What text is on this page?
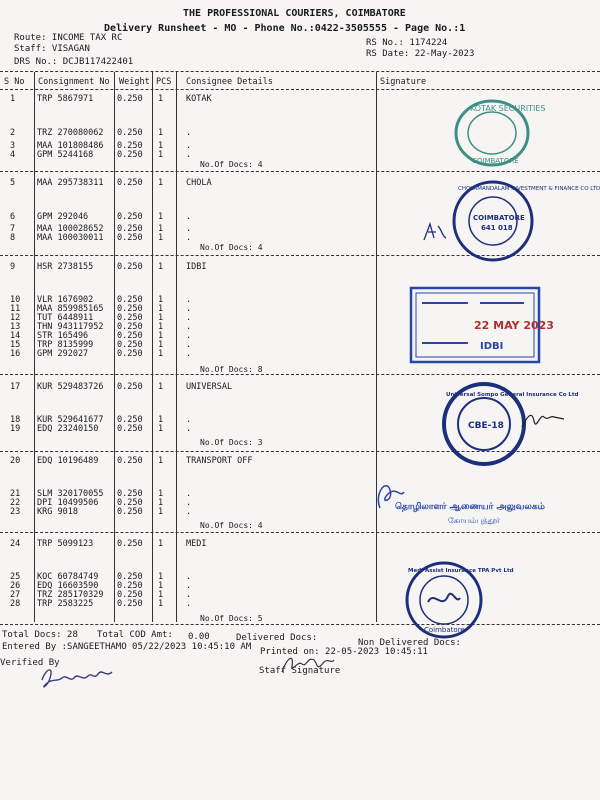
THE PROFESSIONAL COURIERS, COIMBATORE
Delivery Runsheet - MO - Phone No.:0422-3505555 - Page No.:1
Route: INCOME TAX RC
Staff: VISAGAN
DRS No.: DCJB117422401
RS No.: 1174224
RS Date: 22-May-2023
S No Consignment No Weight PCS Consignee Details	Signature
1	TRP 5867971	0.250 1	KOTAK
2	TRZ 270080062 0.250 1	.
3	MAA 101808486 0.250 1	.
4	GPM 5244168	0.250 1	.
No.Of Docs: 4
5	MAA 295738311 0.250 1	CHOLA
6	GPM 292046	0.250 1	.
7	MAA 100028652 0.250 1	.
8	MAA 100030011 0.250 1	.
No.Of Docs: 4
9	HSR 2738155	0.250 1	IDBI
10 VLR 1676902	0.250 1	.
11 MAA 859985165 0.250 1	.
12 TUT 6448911	0.250 1	.
13 THN 943117952 0.250 1	.
14 STR 165496	0.250 1	.
15 TRP 8135999	0.250 1	.
16 GPM 292027	0.250 1	.
No.Of Docs: 8
17 KUR 529483726 0.250 1	UNIVERSAL
18 KUR 529641677 0.250 1	.
19 EDQ 23240150 0.250 1	.
No.Of Docs: 3
20 EDQ 10196489 0.250 1	TRANSPORT OFF
21 SLM 320170055 0.250 1	.
22 DPI 10499506 0.250 1	.
23 KRG 9018	0.250 1	.
No.Of Docs: 4
24 TRP 5099123	0.250 1	MEDI
25 KOC 60784749 0.250 1	.
26 EDQ 16603590 0.250 1	.
27 TRZ 285170329 0.250 1	.
28 TRP 2583225	0.250 1	.
No.Of Docs: 5
Total Docs: 28 Total COD Amt: 0.00	Delivered Docs:	Non Delivered Docs:
Entered By :SANGEETHAMO 05/22/2023 10:45:10 AM Printed on: 22-05-2023 10:45:11
Verified By
Staff Signature
KOTAK SECURITIES
COIMBATORE
CHOLAMANDALAM INVESTMENT & FINANCE CO LTD
COIMBATORE
641 018
22 MAY 2023
IDBI
Universal Sompo General Insurance Co Ltd
CBE-18
தொழிலாளர் ஆணையர் அலுவலகம்
கோயம்புத்தூர்
Medi Assist Insurance TPA Pvt Ltd
Coimbatore
